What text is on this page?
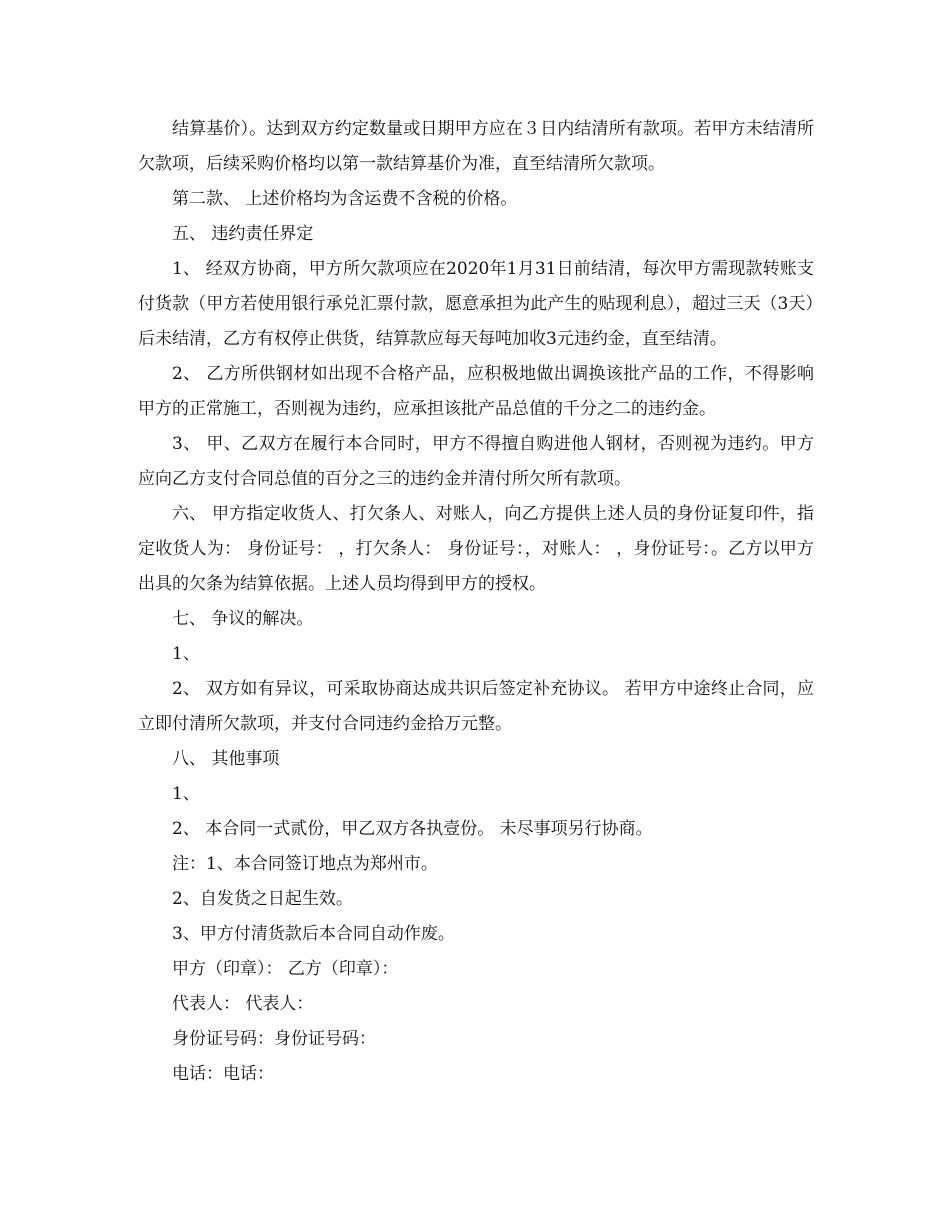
结算基价）。达到双方约定数量或日期甲方应在３日内结清所有款项。若甲方未结清所欠款项，后续采购价格均以第一款结算基价为准，直至结清所欠款项。

第二款、 上述价格均为含运费不含税的价格。

五、 违约责任界定

1、 经双方协商，甲方所欠款项应在2020年1月31日前结清，每次甲方需现款转账支付货款（甲方若使用银行承兑汇票付款，愿意承担为此产生的贴现利息），超过三天（3天）后未结清，乙方有权停止供货，结算款应每天每吨加收3元违约金，直至结清。

2、 乙方所供钢材如出现不合格产品，应积极地做出调换该批产品的工作，不得影响甲方的正常施工，否则视为违约，应承担该批产品总值的千分之二的违约金。

3、 甲、乙双方在履行本合同时，甲方不得擅自购进他人钢材，否则视为违约。甲方应向乙方支付合同总值的百分之三的违约金并清付所欠所有款项。

六、 甲方指定收货人、打欠条人、对账人，向乙方提供上述人员的身份证复印件，指定收货人为： 身份证号： ，打欠条人： 身份证号：，对账人： ，身份证号：。乙方以甲方出具的欠条为结算依据。上述人员均得到甲方的授权。

七、 争议的解决。

1、

2、 双方如有异议，可采取协商达成共识后签定补充协议。 若甲方中途终止合同，应立即付清所欠款项，并支付合同违约金拾万元整。

八、 其他事项

1、

2、 本合同一式贰份，甲乙双方各执壹份。 未尽事项另行协商。

注：1、本合同签订地点为郑州市。

2、自发货之日起生效。

3、甲方付清货款后本合同自动作废。

甲方（印章）： 乙方（印章）：

代表人： 代表人：

身份证号码：身份证号码：

电话：电话：
